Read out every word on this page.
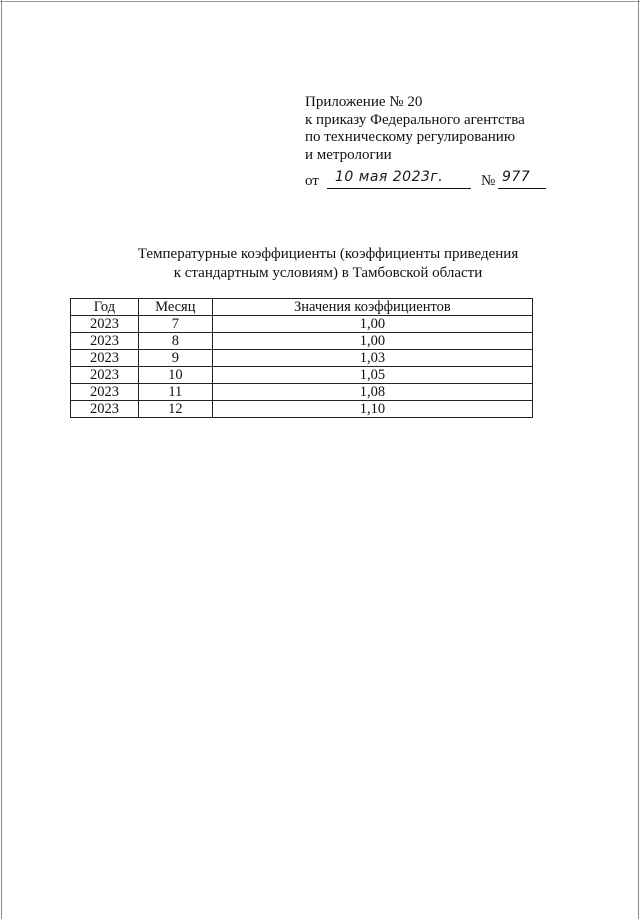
Приложение № 20
к приказу Федерального агентства
по техническому регулированию
и метрологии
от 10 мая 2023г.	№ 977
Температурные коэффициенты (коэффициенты приведения
к стандартным условиям) в Тамбовской области
Год	Месяц	Значения коэффициентов
2023	7	1,00
2023	8	1,00
2023	9	1,03
2023	10	1,05
2023	11	1,08
2023	12	1,10
